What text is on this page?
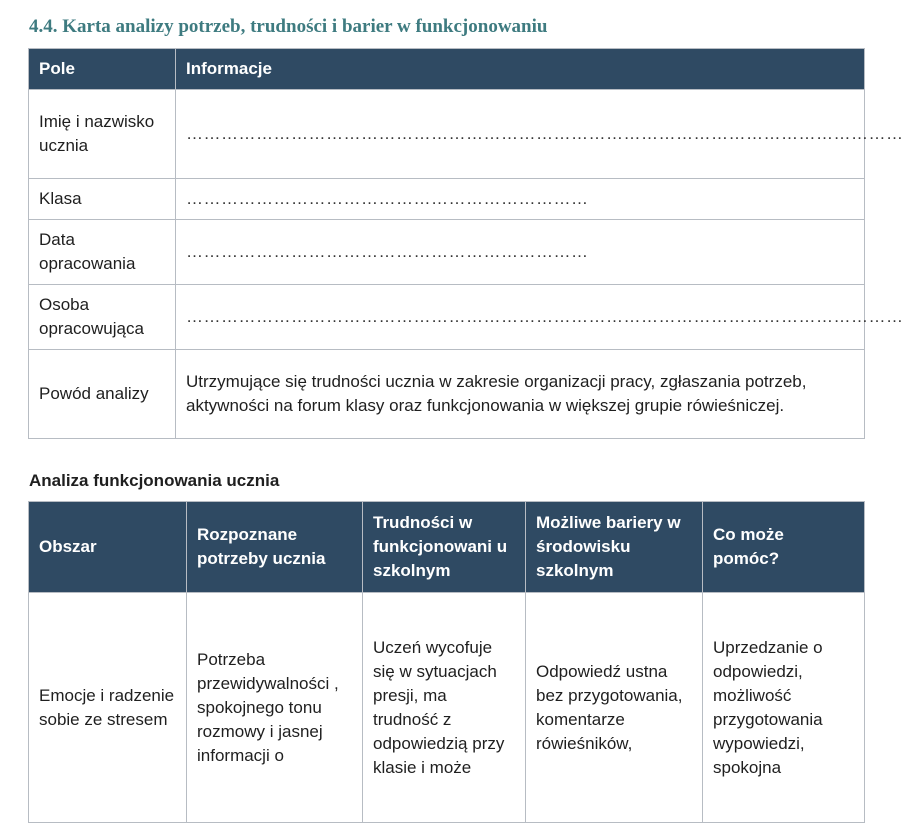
4.4. Karta analizy potrzeb, trudności i barier w funkcjonowaniu
Pole	Informacje
Imię i nazwisko ucznia	……………………………………………………………………………………………………………

Klasa	……………………………………………………………

Data opracowania	……………………………………………………………

Osoba opracowująca	……………………………………………………………………………………………………………

Powód analizy	Utrzymujące się trudności ucznia w zakresie organizacji pracy, zgłaszania potrzeb, aktywności na forum klasy oraz funkcjonowania w większej grupie rówieśniczej.
Analiza funkcjonowania ucznia
Obszar	Rozpoznane potrzeby ucznia	Trudności w funkcjonowani u szkolnym	Możliwe bariery w środowisku szkolnym	Co może pomóc?
Emocje i radzenie sobie ze stresem	Potrzeba przewidywalności , spokojnego tonu rozmowy i jasnej informacji o	Uczeń wycofuje się w sytuacjach presji, ma trudność z odpowiedzią przy klasie i może	Odpowiedź ustna bez przygotowania, komentarze rówieśników,	Uprzedzanie o odpowiedzi, możliwość przygotowania wypowiedzi, spokojna
